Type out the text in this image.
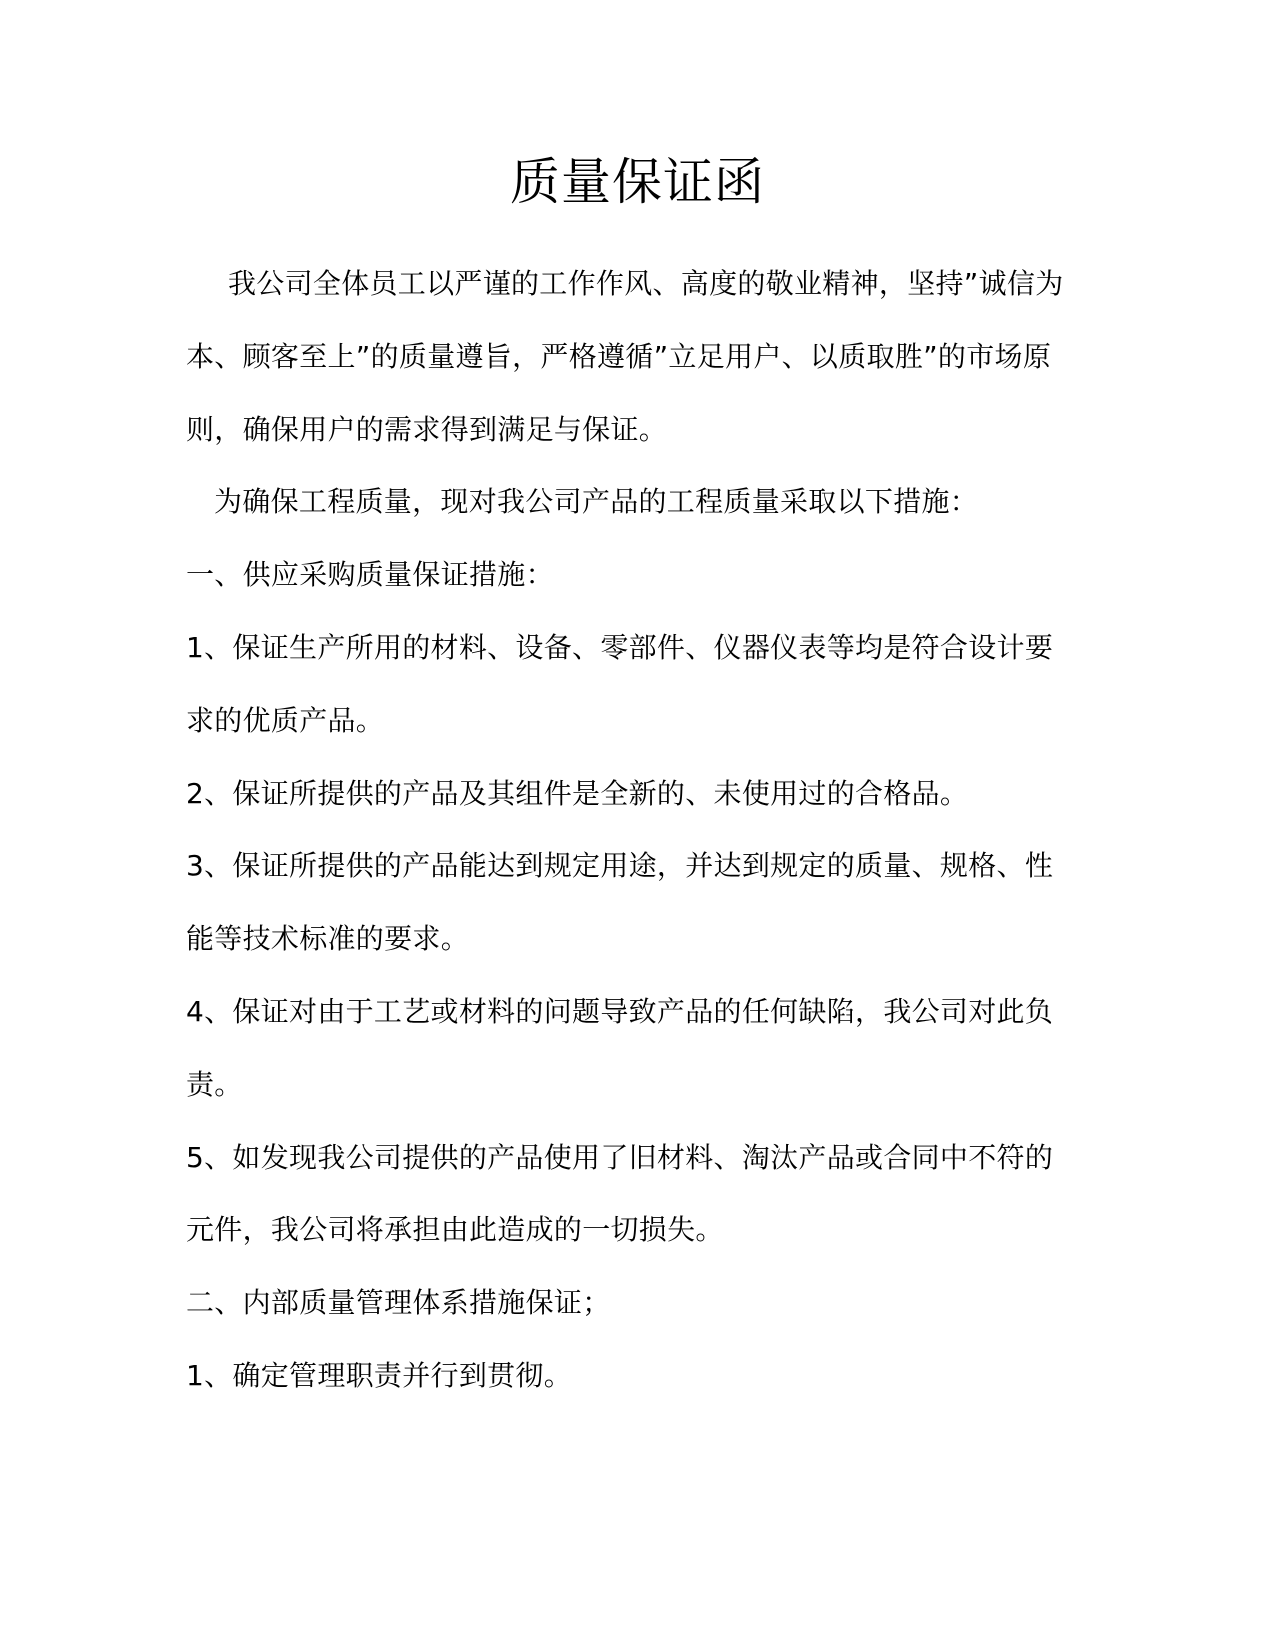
质量保证函

我公司全体员工以严谨的工作作风、高度的敬业精神，坚持”诚信为

本、顾客至上”的质量遵旨，严格遵循”立足用户、以质取胜”的市场原

则，确保用户的需求得到满足与保证。

为确保工程质量，现对我公司产品的工程质量采取以下措施：

一、供应采购质量保证措施：

1、保证生产所用的材料、设备、零部件、仪器仪表等均是符合设计要

求的优质产品。

2、保证所提供的产品及其组件是全新的、未使用过的合格品。

3、保证所提供的产品能达到规定用途，并达到规定的质量、规格、性

能等技术标准的要求。

4、保证对由于工艺或材料的问题导致产品的任何缺陷，我公司对此负

责。

5、如发现我公司提供的产品使用了旧材料、淘汰产品或合同中不符的

元件，我公司将承担由此造成的一切损失。

二、内部质量管理体系措施保证；

1、确定管理职责并行到贯彻。
